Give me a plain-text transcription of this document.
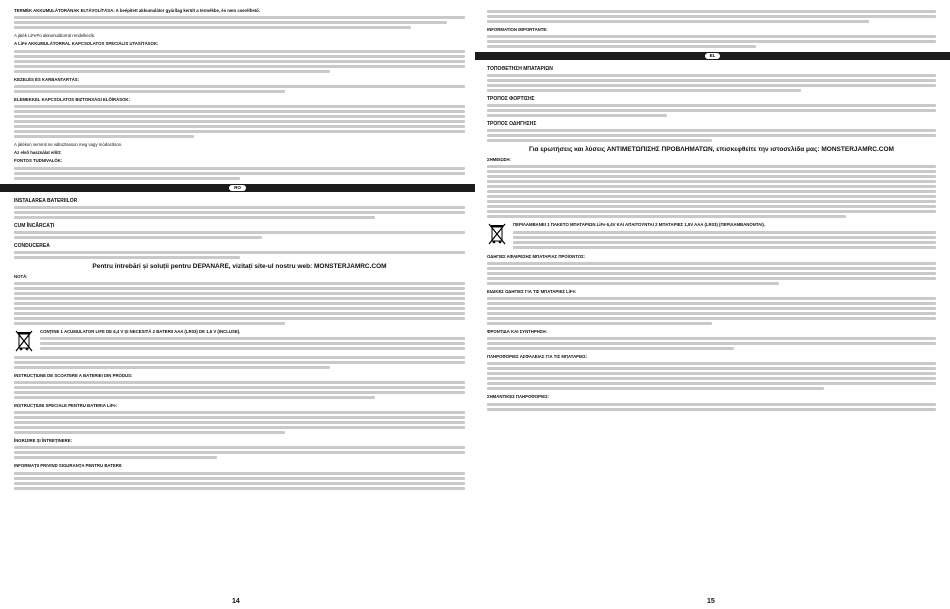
TERMÉK AKKUMULÁTORÁNAK ELTÁVOLÍTÁSA: A beépített akkumulátor gyárilag került a termékbe, és nem cserélhető.

A játék LiFePo akkumulátorral rendelkezik.

A LiFe AKKUMULÁTORRAL KAPCSOLATOS SPECIÁLIS UTASÍTÁSOK:

KEZELÉS ÉS KARBANTARTÁS:

ELEMEKKEL KAPCSOLATOS BIZTONSÁGI ELŐÍRÁSOK:

A játékon semmit ne változtasson meg vagy módosítson.

Az elsô használat elôtt:

FONTOS TUDNIVALÓK:

RO
INSTALAREA BATERIILOR
CUM ÎNCĂRCAȚI
CONDUCEREA
Pentru întrebări și soluții pentru DEPANARE, vizitați site-ul nostru web: MONSTERJAMRC.COM

NOTĂ:

CONȚINE 1 ACUMULATOR LIFE DE 6,4 V ȘI NECESITĂ 2 BATERII AAA (LR03) DE 1,5 V (INCLUSE).

INSTRUCȚIUNE DE SCOATERE A BATERIEI DIN PRODUS:

INSTRUCȚIUNI SPECIALE PENTRU BATERIA LiFe:

ÎNGRIJIRE ȘI ÎNTREȚINERE:

INFORMAȚII PRIVIND SIGURANȚA PENTRU BATERII:

14

INFORMATION IMPORTANTE:

EL
ΤΟΠΟΘΕΤΗΣΗ ΜΠΑΤΑΡΙΩΝ
ΤΡΟΠΟΣ ΦΟΡΤΙΣΗΣ
ΤΡΟΠΟΣ ΟΔΗΓΗΣΗΣ
Για ερωτήσεις και λύσεις ΑΝΤΙΜΕΤΩΠΙΣΗΣ ΠΡΟΒΛΗΜΑΤΩΝ, επισκεφθείτε την ιστοσελίδα μας: MONSTERJAMRC.COM

ΣΗΜΕΙΩΣΗ:

ΠΕΡΙΛΑΜΒΑΝΕΙ 1 ΠΑΚΕΤΟ ΜΠΑΤΑΡΙΩΝ LiFe 6,4V ΚΑΙ ΑΠΑΙΤΟΥΝΤΑΙ 2 ΜΠΑΤΑΡΙΕΣ 1,5V AAA (LR03) (ΠΕΡΙΛΑΜΒΑΝΟΝΤΑΙ).

ΟΔΗΓΙΕΣ ΑΦΑΙΡΕΣΗΣ ΜΠΑΤΑΡΙΑΣ ΠΡΟΪΟΝΤΟΣ:

ΕΙΔΙΚΕΣ ΟΔΗΓΙΕΣ ΓΙΑ ΤΙΣ ΜΠΑΤΑΡΙΕΣ LiFe:

ΦΡΟΝΤΙΔΑ ΚΑΙ ΣΥΝΤΗΡΗΣΗ:

ΠΛΗΡΟΦΟΡΙΕΣ ΑΣΦΑΛΕΙΑΣ ΓΙΑ ΤΙΣ ΜΠΑΤΑΡΙΕΣ:

ΣΗΜΑΝΤΙΚΕΣ ΠΛΗΡΟΦΟΡΙΕΣ:

15
